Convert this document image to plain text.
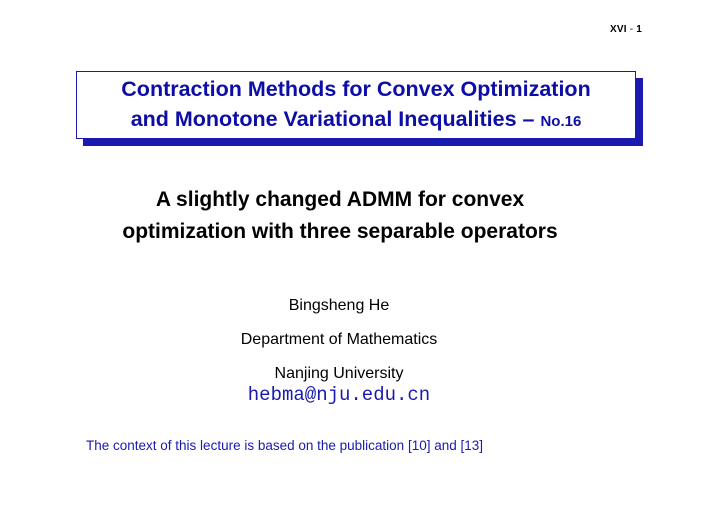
XVI - 1
Contraction Methods for Convex Optimization
and Monotone Variational Inequalities – No.16
A slightly changed ADMM for convex
optimization with three separable operators
Bingsheng He
Department of Mathematics
Nanjing University
hebma@nju.edu.cn
The context of this lecture is based on the publication [10] and [13]
